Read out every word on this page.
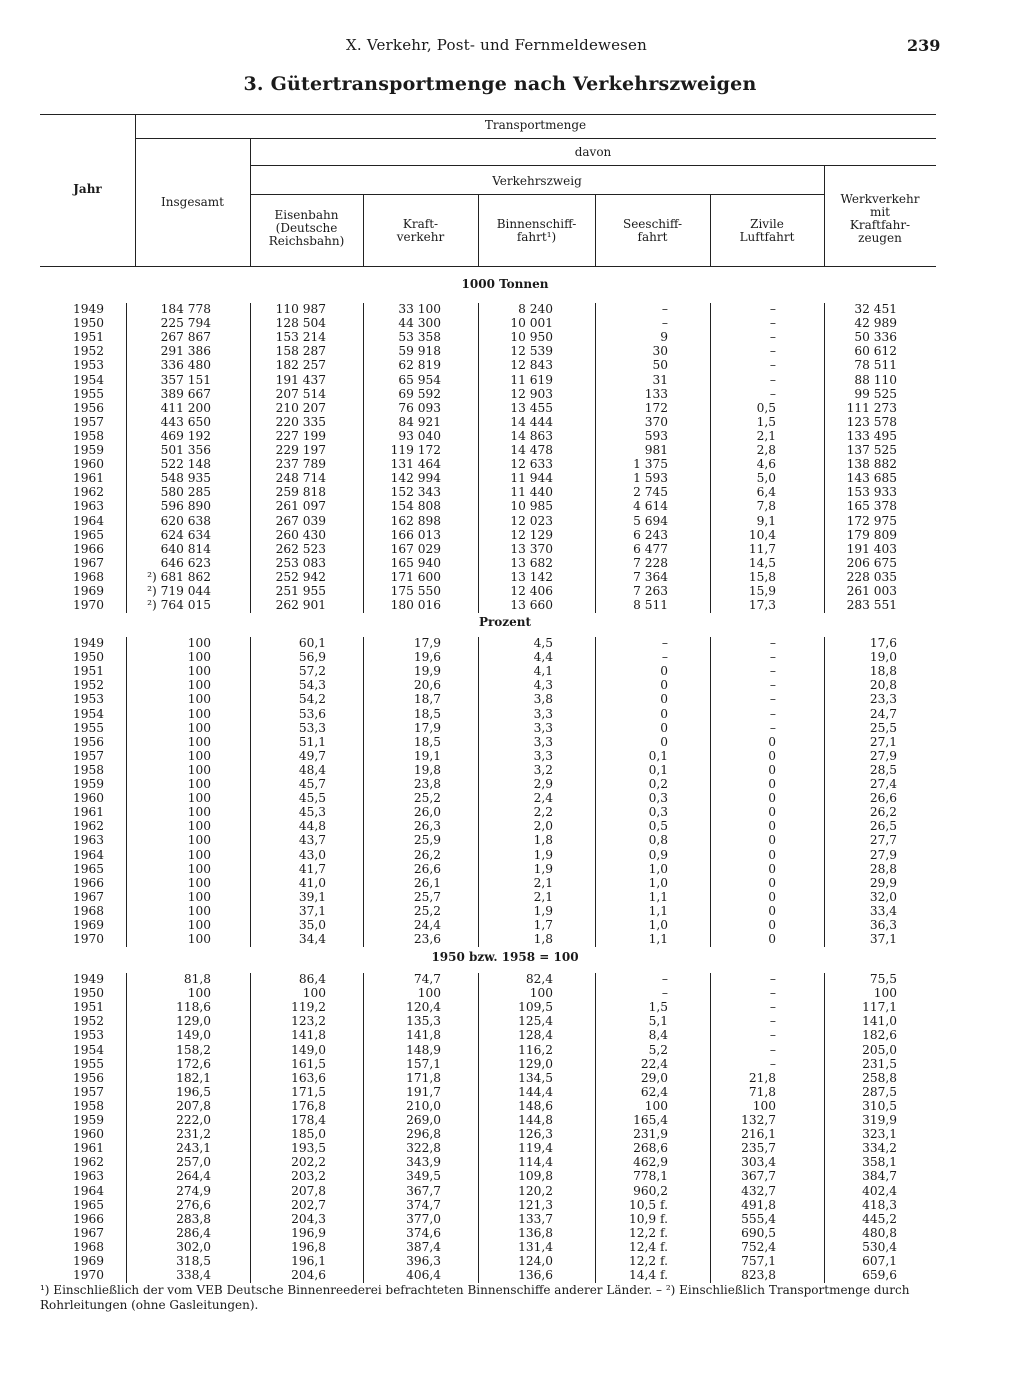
X. Verkehr, Post- und Fernmeldewesen	239
3. Gütertransportmenge nach Verkehrszweigen
Jahr
Transportmenge
davon
Verkehrszweig
Insgesamt
Eisenbahn
(Deutsche
Reichsbahn)
Kraft-
verkehr
Binnenschiff-
fahrt¹)
Seeschiff-
fahrt
Zivile
Luftfahrt
Werkverkehr
mit
Kraftfahr-
zeugen
1000 Tonnen
Prozent
1950 bzw. 1958 = 100
1949	184 778	110 987	33 100	8 240	–	–	32 451
1950	225 794	128 504	44 300	10 001	–	–	42 989
1951	267 867	153 214	53 358	10 950	9	–	50 336
1952	291 386	158 287	59 918	12 539	30	–	60 612
1953	336 480	182 257	62 819	12 843	50	–	78 511
1954	357 151	191 437	65 954	11 619	31	–	88 110
1955	389 667	207 514	69 592	12 903	133	–	99 525
1956	411 200	210 207	76 093	13 455	172	0,5	111 273
1957	443 650	220 335	84 921	14 444	370	1,5	123 578
1958	469 192	227 199	93 040	14 863	593	2,1	133 495
1959	501 356	229 197	119 172	14 478	981	2,8	137 525
1960	522 148	237 789	131 464	12 633	1 375	4,6	138 882
1961	548 935	248 714	142 994	11 944	1 593	5,0	143 685
1962	580 285	259 818	152 343	11 440	2 745	6,4	153 933
1963	596 890	261 097	154 808	10 985	4 614	7,8	165 378
1964	620 638	267 039	162 898	12 023	5 694	9,1	172 975
1965	624 634	260 430	166 013	12 129	6 243	10,4	179 809
1966	640 814	262 523	167 029	13 370	6 477	11,7	191 403
1967	646 623	253 083	165 940	13 682	7 228	14,5	206 675
1968	²) 681 862	252 942	171 600	13 142	7 364	15,8	228 035
1969	²) 719 044	251 955	175 550	12 406	7 263	15,9	261 003
1970	²) 764 015	262 901	180 016	13 660	8 511	17,3	283 551
1949	100	60,1	17,9	4,5	–	–	17,6
1950	100	56,9	19,6	4,4	–	–	19,0
1951	100	57,2	19,9	4,1	0	–	18,8
1952	100	54,3	20,6	4,3	0	–	20,8
1953	100	54,2	18,7	3,8	0	–	23,3
1954	100	53,6	18,5	3,3	0	–	24,7
1955	100	53,3	17,9	3,3	0	–	25,5
1956	100	51,1	18,5	3,3	0	0	27,1
1957	100	49,7	19,1	3,3	0,1	0	27,9
1958	100	48,4	19,8	3,2	0,1	0	28,5
1959	100	45,7	23,8	2,9	0,2	0	27,4
1960	100	45,5	25,2	2,4	0,3	0	26,6
1961	100	45,3	26,0	2,2	0,3	0	26,2
1962	100	44,8	26,3	2,0	0,5	0	26,5
1963	100	43,7	25,9	1,8	0,8	0	27,7
1964	100	43,0	26,2	1,9	0,9	0	27,9
1965	100	41,7	26,6	1,9	1,0	0	28,8
1966	100	41,0	26,1	2,1	1,0	0	29,9
1967	100	39,1	25,7	2,1	1,1	0	32,0
1968	100	37,1	25,2	1,9	1,1	0	33,4
1969	100	35,0	24,4	1,7	1,0	0	36,3
1970	100	34,4	23,6	1,8	1,1	0	37,1
1949	81,8	86,4	74,7	82,4	–	–	75,5
1950	100	100	100	100	–	–	100
1951	118,6	119,2	120,4	109,5	1,5	–	117,1
1952	129,0	123,2	135,3	125,4	5,1	–	141,0
1953	149,0	141,8	141,8	128,4	8,4	–	182,6
1954	158,2	149,0	148,9	116,2	5,2	–	205,0
1955	172,6	161,5	157,1	129,0	22,4	–	231,5
1956	182,1	163,6	171,8	134,5	29,0	21,8	258,8
1957	196,5	171,5	191,7	144,4	62,4	71,8	287,5
1958	207,8	176,8	210,0	148,6	100	100	310,5
1959	222,0	178,4	269,0	144,8	165,4	132,7	319,9
1960	231,2	185,0	296,8	126,3	231,9	216,1	323,1
1961	243,1	193,5	322,8	119,4	268,6	235,7	334,2
1962	257,0	202,2	343,9	114,4	462,9	303,4	358,1
1963	264,4	203,2	349,5	109,8	778,1	367,7	384,7
1964	274,9	207,8	367,7	120,2	960,2	432,7	402,4
1965	276,6	202,7	374,7	121,3	10,5 f.	491,8	418,3
1966	283,8	204,3	377,0	133,7	10,9 f.	555,4	445,2
1967	286,4	196,9	374,6	136,8	12,2 f.	690,5	480,8
1968	302,0	196,8	387,4	131,4	12,4 f.	752,4	530,4
1969	318,5	196,1	396,3	124,0	12,2 f.	757,1	607,1
1970	338,4	204,6	406,4	136,6	14,4 f.	823,8	659,6
¹) Einschließlich der vom VEB Deutsche Binnenreederei befrachteten Binnenschiffe anderer Länder. – ²) Einschließlich Transportmenge durch Rohrleitungen (ohne Gasleitungen).
